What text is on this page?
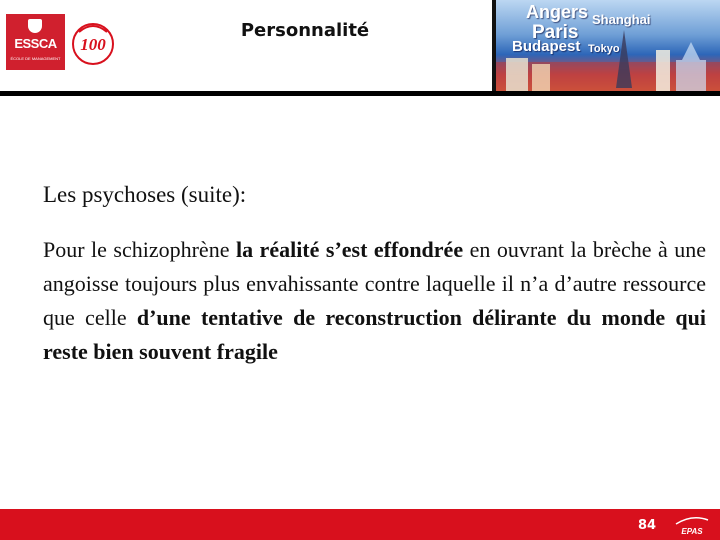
ESSCA
ÉCOLE DE MANAGEMENT
100
Personnalité
Angers Shanghai
Paris
Budapest Tokyo

Les psychoses (suite):

Pour le schizophrène la réalité s’est effondrée en ouvrant la brèche à une angoisse toujours plus envahissante contre laquelle il n’a d’autre ressource que celle d’une tentative de reconstruction délirante du monde qui reste bien souvent fragile

84	EPAS
